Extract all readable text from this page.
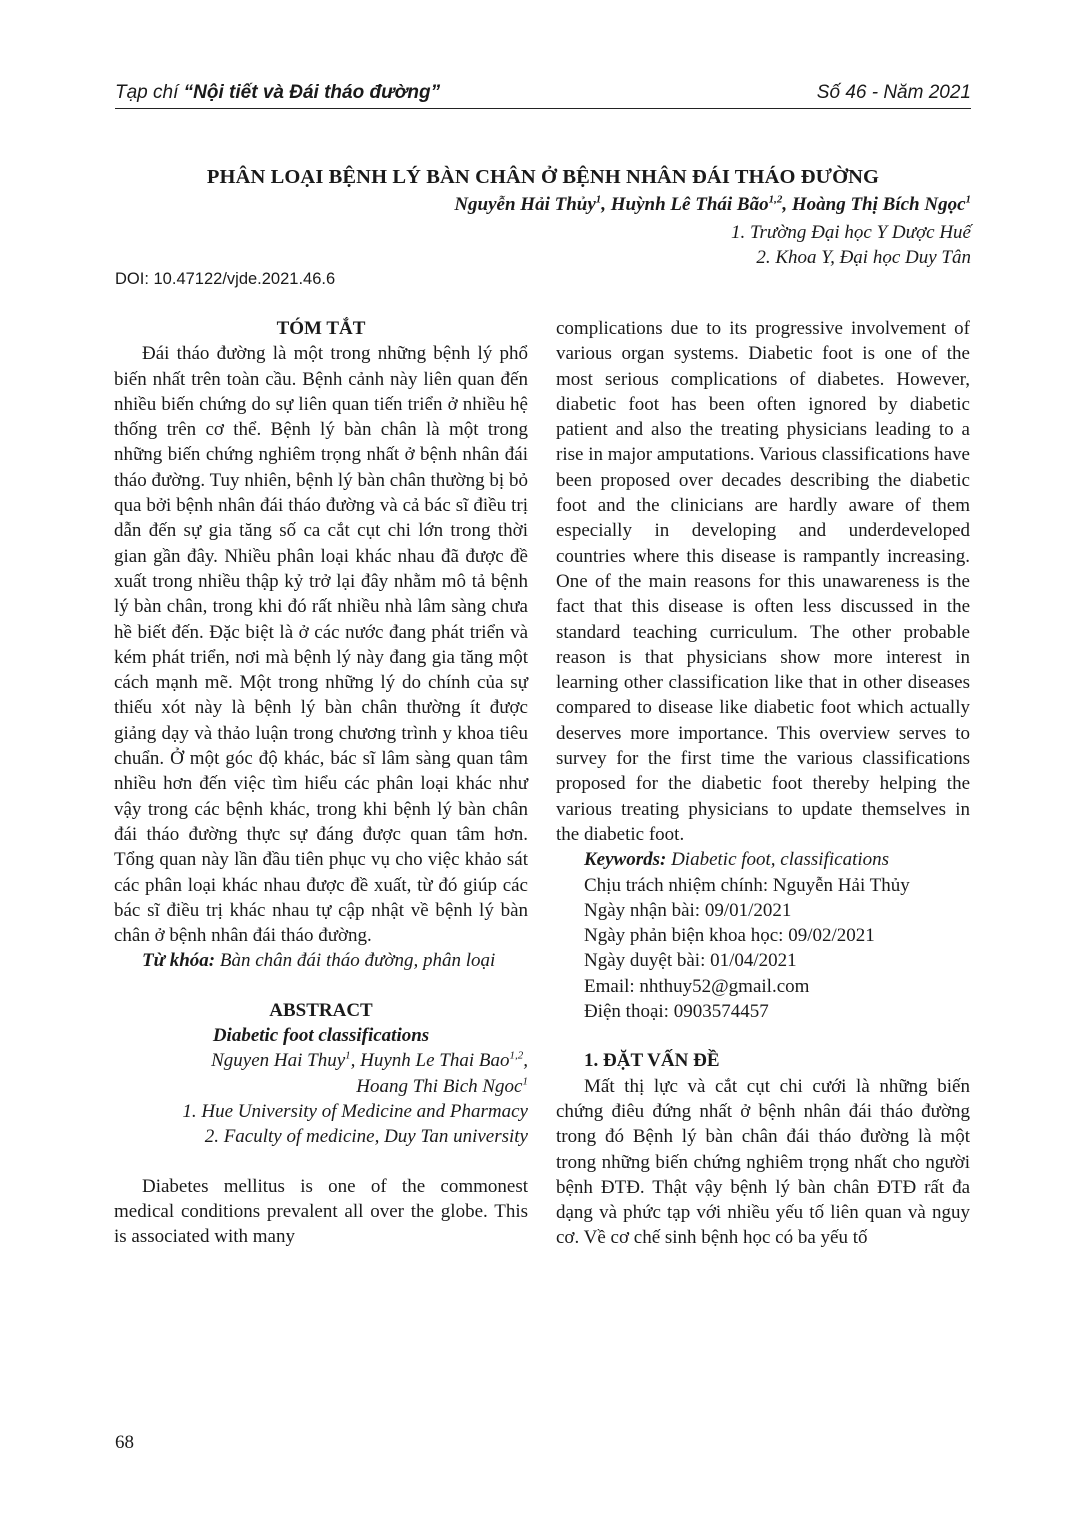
Tạp chí “Nội tiết và Đái tháo đường”	Số 46 - Năm 2021
PHÂN LOẠI BỆNH LÝ BÀN CHÂN Ở BỆNH NHÂN ĐÁI THÁO ĐƯỜNG
Nguyễn Hải Thủy$^1$, Huỳnh Lê Thái Bão$^{1,2}$, Hoàng Thị Bích Ngọc$^1$
1. Trường Đại học Y Dược Huế
2. Khoa Y, Đại học Duy Tân
DOI: 10.47122/vjde.2021.46.6

TÓM TẮT

Đái tháo đường là một trong những bệnh lý phổ biến nhất trên toàn cầu. Bệnh cảnh này liên quan đến nhiều biến chứng do sự liên quan tiến triển ở nhiều hệ thống trên cơ thể. Bệnh lý bàn chân là một trong những biến chứng nghiêm trọng nhất ở bệnh nhân đái tháo đường. Tuy nhiên, bệnh lý bàn chân thường bị bỏ qua bởi bệnh nhân đái tháo đường và cả bác sĩ điều trị dẫn đến sự gia tăng số ca cắt cụt chi lớn trong thời gian gần đây. Nhiều phân loại khác nhau đã được đề xuất trong nhiều thập kỷ trở lại đây nhằm mô tả bệnh lý bàn chân, trong khi đó rất nhiều nhà lâm sàng chưa hề biết đến. Đặc biệt là ở các nước đang phát triển và kém phát triển, nơi mà bệnh lý này đang gia tăng một cách mạnh mẽ. Một trong những lý do chính của sự thiếu xót này là bệnh lý bàn chân thường ít được giảng dạy và thảo luận trong chương trình y khoa tiêu chuẩn. Ở một góc độ khác, bác sĩ lâm sàng quan tâm nhiều hơn đến việc tìm hiểu các phân loại khác như vậy trong các bệnh khác, trong khi bệnh lý bàn chân đái tháo đường thực sự đáng được quan tâm hơn. Tổng quan này lần đầu tiên phục vụ cho việc khảo sát các phân loại khác nhau được đề xuất, từ đó giúp các bác sĩ điều trị khác nhau tự cập nhật về bệnh lý bàn chân ở bệnh nhân đái tháo đường.

Từ khóa: Bàn chân đái tháo đường, phân loại

ABSTRACT

Diabetic foot classifications

Nguyen Hai Thuy$^1$, Huynh Le Thai Bao$^{1,2}$,

Hoang Thi Bich Ngoc$^1$

1. Hue University of Medicine and Pharmacy

2. Faculty of medicine, Duy Tan university

Diabetes mellitus is one of the commonest medical conditions prevalent all over the globe. This is associated with many

complications due to its progressive involvement of various organ systems. Diabetic foot is one of the most serious complications of diabetes. However, diabetic foot has been often ignored by diabetic patient and also the treating physicians leading to a rise in major amputations. Various classifications have been proposed over decades describing the diabetic foot and the clinicians are hardly aware of them especially in developing and underdeveloped countries where this disease is rampantly increasing. One of the main reasons for this unawareness is the fact that this disease is often less discussed in the standard teaching curriculum. The other probable reason is that physicians show more interest in learning other classification like that in other diseases compared to disease like diabetic foot which actually deserves more importance. This overview serves to survey for the first time the various classifications proposed for the diabetic foot thereby helping the various treating physicians to update themselves in the diabetic foot.

Keywords: Diabetic foot, classifications

Chịu trách nhiệm chính: Nguyễn Hải Thủy

Ngày nhận bài: 09/01/2021

Ngày phản biện khoa học: 09/02/2021

Ngày duyệt bài: 01/04/2021

Email: nhthuy52@gmail.com

Điện thoại: 0903574457

1. ĐẶT VẤN ĐỀ

Mất thị lực và cắt cụt chi cưới là những biến chứng điêu đứng nhất ở bệnh nhân đái tháo đường trong đó Bệnh lý bàn chân đái tháo đường là một trong những biến chứng nghiêm trọng nhất cho người bệnh ĐTĐ. Thật vậy bệnh lý bàn chân ĐTĐ rất đa dạng và phức tạp với nhiều yếu tố liên quan và nguy cơ. Về cơ chế sinh bệnh học có ba yếu tố

68
